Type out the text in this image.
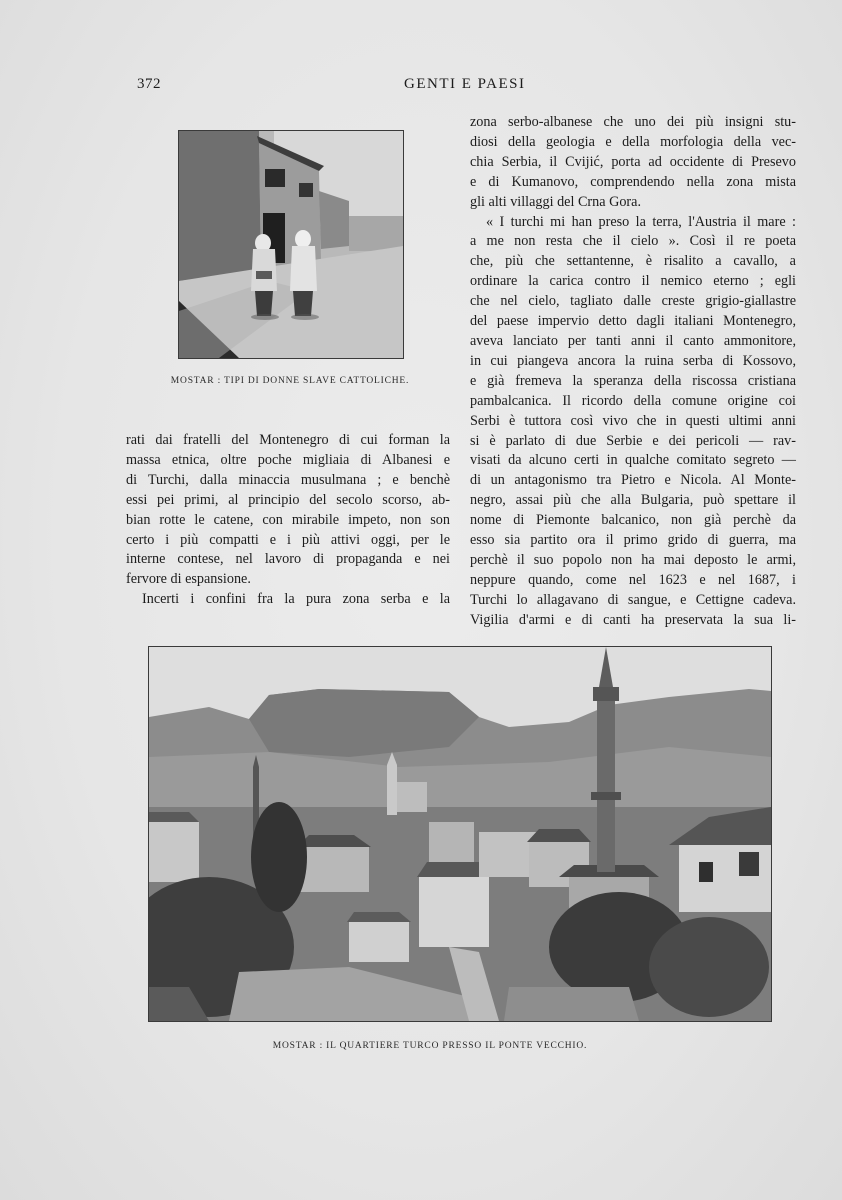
372	GENTI E PAESI
MOSTAR : TIPI DI DONNE SLAVE CATTOLICHE.
rati dai fratelli del Montenegro di cui forman la
massa etnica, oltre poche migliaia di Albanesi e
di Turchi, dalla minaccia musulmana ; e benchè
essi pei primi, al principio del secolo scorso, ab-
bian rotte le catene, con mirabile impeto, non son
certo i più compatti e i più attivi oggi, per le
interne contese, nel lavoro di propaganda e nei
fervore di espansione.
Incerti i confini fra la pura zona serba e la
zona serbo-albanese che uno dei più insigni stu-
diosi della geologia e della morfologia della vec-
chia Serbia, il Cvijić, porta ad occidente di Presevo
e di Kumanovo, comprendendo nella zona mista
gli alti villaggi del Crna Gora.
« I turchi mi han preso la terra, l'Austria il mare :
a me non resta che il cielo ». Così il re poeta
che, più che settantenne, è risalito a cavallo, a
ordinare la carica contro il nemico eterno ; egli
che nel cielo, tagliato dalle creste grigio-giallastre
del paese impervio detto dagli italiani Montenegro,
aveva lanciato per tanti anni il canto ammonitore,
in cui piangeva ancora la ruina serba di Kossovo,
e già fremeva la speranza della riscossa cristiana
pambalcanica. Il ricordo della comune origine coi
Serbi è tuttora così vivo che in questi ultimi anni
si è parlato di due Serbie e dei pericoli — rav-
visati da alcuno certi in qualche comitato segreto —
di un antagonismo tra Pietro e Nicola. Al Monte-
negro, assai più che alla Bulgaria, può spettare il
nome di Piemonte balcanico, non già perchè da
esso sia partito ora il primo grido di guerra, ma
perchè il suo popolo non ha mai deposto le armi,
neppure quando, come nel 1623 e nel 1687, i
Turchi lo allagavano di sangue, e Cettigne cadeva.
Vigilia d'armi e di canti ha preservata la sua li-
MOSTAR : IL QUARTIERE TURCO PRESSO IL PONTE VECCHIO.
